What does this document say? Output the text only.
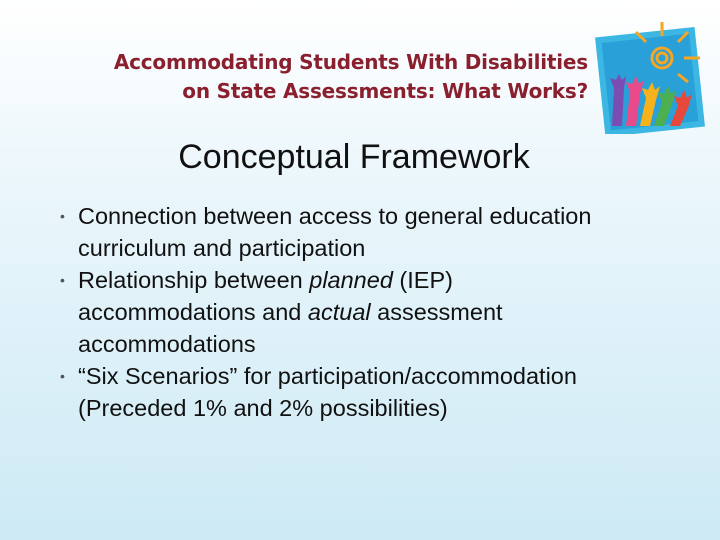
Accommodating Students With Disabilities
on State Assessments: What Works?
Conceptual Framework
• Connection between access to general education curriculum and participation
• Relationship between planned (IEP) accommodations and actual assessment accommodations
• “Six Scenarios” for participation/accommodation
(Preceded 1% and 2% possibilities)
